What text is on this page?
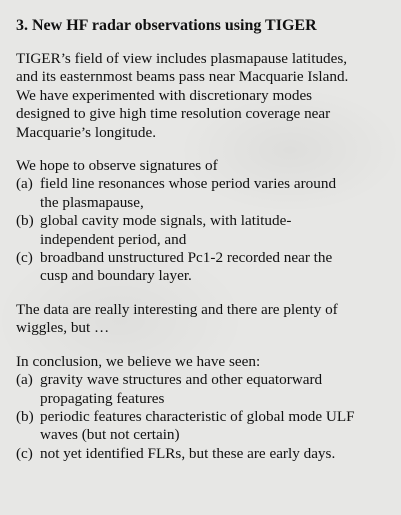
3. New HF radar observations using TIGER
TIGER’s field of view includes plasmapause latitudes,
and its easternmost beams pass near Macquarie Island.
We have experimented with discretionary modes
designed to give high time resolution coverage near
Macquarie’s longitude.
We hope to observe signatures of
(a) field line resonances whose period varies around
the plasmapause,
(b) global cavity mode signals, with latitude-
independent period, and
(c) broadband unstructured Pc1-2 recorded near the
cusp and boundary layer.
The data are really interesting and there are plenty of
wiggles, but …
In conclusion, we believe we have seen:
(a) gravity wave structures and other equatorward
propagating features
(b) periodic features characteristic of global mode ULF
waves (but not certain)
(c) not yet identified FLRs, but these are early days.
